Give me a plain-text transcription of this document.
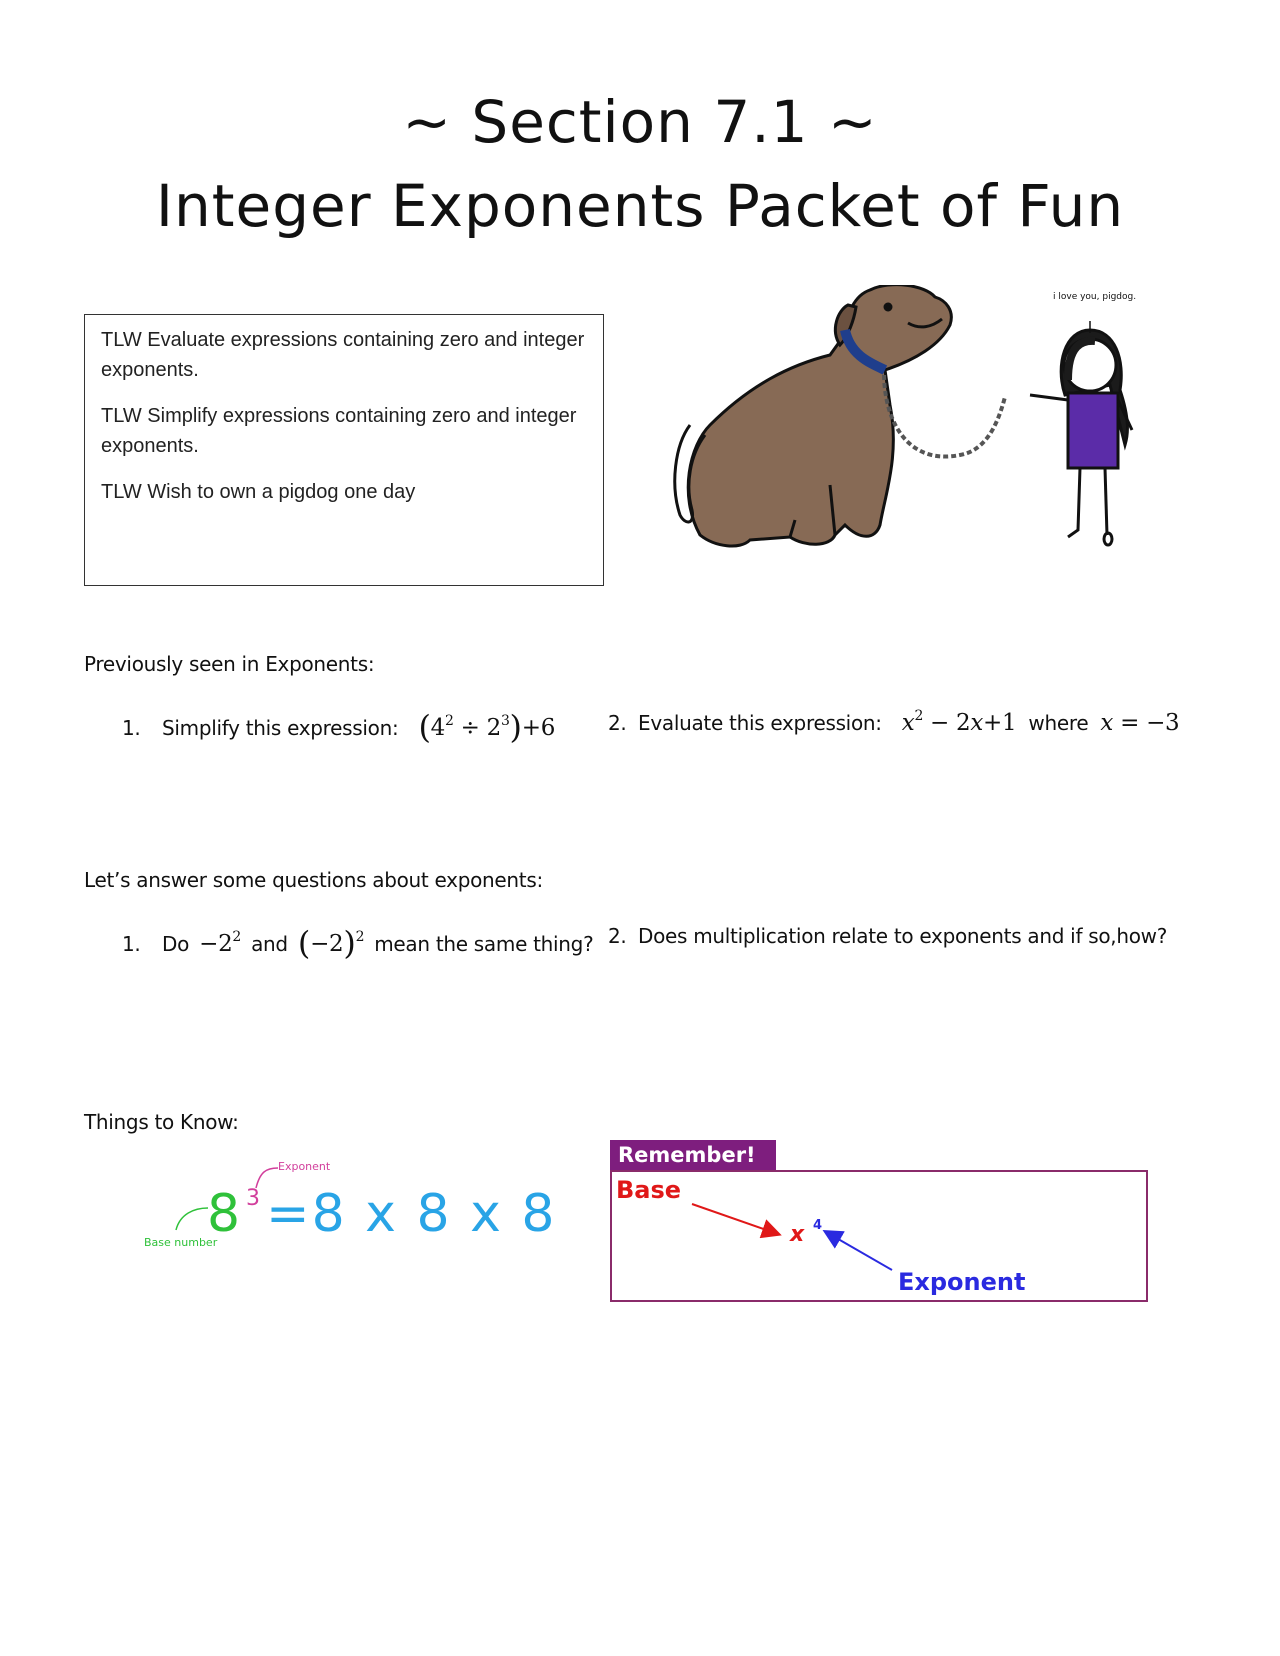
~ Section 7.1 ~
Integer Exponents Packet of Fun

TLW Evaluate expressions containing zero and integer exponents.

TLW Simplify expressions containing zero and integer exponents.

TLW Wish to own a pigdog one day

i love you, pigdog.
Previously seen in Exponents:
1. Simplify this expression: $(4^2 \div 2^3)+6$	2. Evaluate this expression: $x^2 - 2x+1$ where x = −3
Let’s answer some questions about exponents:
1. $Do -2^2$ and $(-2)^2$ mean the same thing? 2. Does multiplication relate to exponents and if so,how?
Things to Know:
Exponent
8 3 =8 x 8 x 8
Base number
Remember!
Base
x 4
Exponent
